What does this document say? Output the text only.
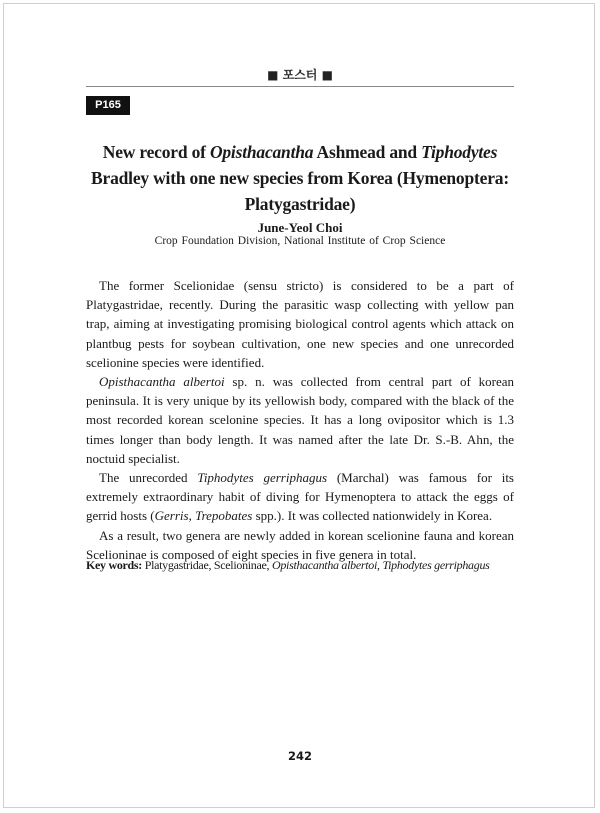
■ 포스터 ■
P165
New record of Opisthacantha Ashmead and Tiphodytes Bradley with one new species from Korea (Hymenoptera: Platygastridae)
June-Yeol Choi
Crop Foundation Division, National Institute of Crop Science

The former Scelionidae (sensu stricto) is considered to be a part of Platygastridae, recently. During the parasitic wasp collecting with yellow pan trap, aiming at investigating promising biological control agents which attack on plantbug pests for soybean cultivation, one new species and one unrecorded scelionine species were identified.

Opisthacantha albertoi sp. n. was collected from central part of korean peninsula. It is very unique by its yellowish body, compared with the black of the most recorded korean scelonine species. It has a long ovipositor which is 1.3 times longer than body length. It was named after the late Dr. S.-B. Ahn, the noctuid specialist.

The unrecorded Tiphodytes gerriphagus (Marchal) was famous for its extremely extraordinary habit of diving for Hymenoptera to attack the eggs of gerrid hosts (Gerris, Trepobates spp.). It was collected nationwidely in Korea.

As a result, two genera are newly added in korean scelionine fauna and korean Scelioninae is composed of eight species in five genera in total.

Key words: Platygastridae, Scelioninae, Opisthacantha albertoi, Tiphodytes gerriphagus
242
